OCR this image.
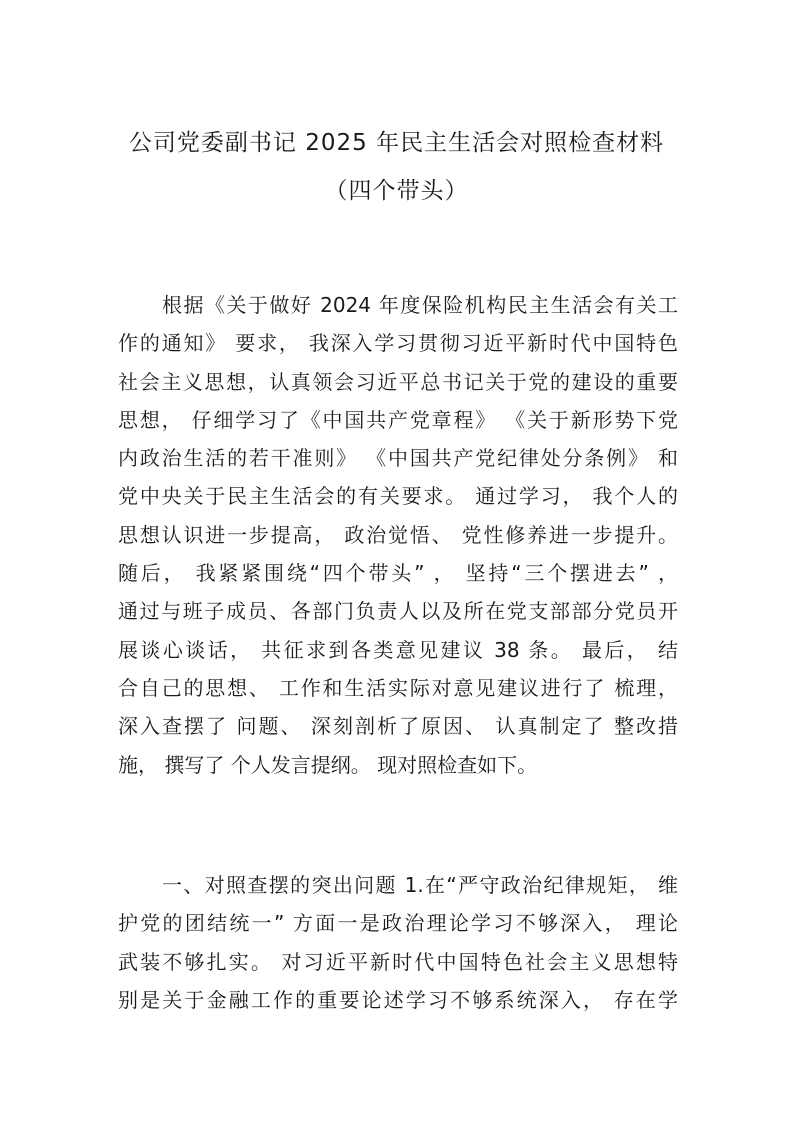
公司党委副书记 2025 年民主生活会对照检查材料
（四个带头）
根据《关于做好 2024 年度保险机构民主生活会有关工
作的通知》 要求， 我深入学习贯彻习近平新时代中国特色
社会主义思想，认真领会习近平总书记关于党的建设的重要
思想， 仔细学习了《中国共产党章程》 《关于新形势下党
内政治生活的若干准则》 《中国共产党纪律处分条例》 和
党中央关于民主生活会的有关要求。 通过学习， 我个人的
思想认识进一步提高， 政治觉悟、 党性修养进一步提升。
随后， 我紧紧围绕“四个带头” ， 坚持“三个摆进去” ，
通过与班子成员、各部门负责人以及所在党支部部分党员开
展谈心谈话， 共征求到各类意见建议 38 条。 最后， 结
合自己的思想、 工作和生活实际对意见建议进行了 梳理，
深入查摆了 问题、 深刻剖析了原因、 认真制定了 整改措
施， 撰写了 个人发言提纲。 现对照检查如下。
一、对照查摆的突出问题 1.在“严守政治纪律规矩， 维
护党的团结统一” 方面一是政治理论学习不够深入， 理论
武装不够扎实。 对习近平新时代中国特色社会主义思想特
别是关于金融工作的重要论述学习不够系统深入， 存在学
